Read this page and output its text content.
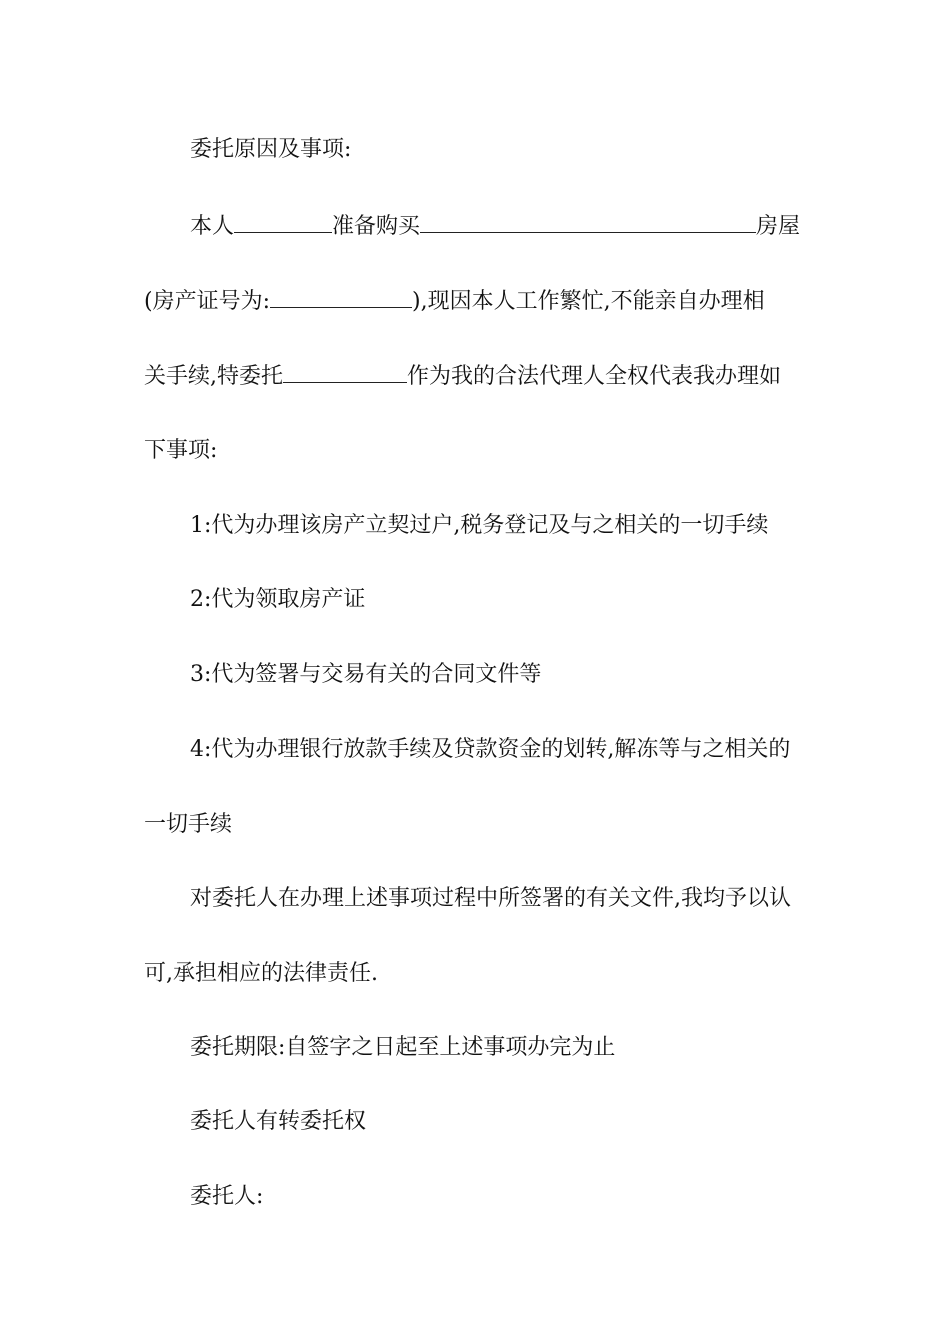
委托原因及事项:
本人	准备购买	房屋
(房产证号为:	),现因本人工作繁忙,不能亲自办理相
关手续,特委托	作为我的合法代理人全权代表我办理如
下事项:
1:代为办理该房产立契过户,税务登记及与之相关的一切手续
2:代为领取房产证
3:代为签署与交易有关的合同文件等
4:代为办理银行放款手续及贷款资金的划转,解冻等与之相关的
一切手续
对委托人在办理上述事项过程中所签署的有关文件,我均予以认
可,承担相应的法律责任.
委托期限:自签字之日起至上述事项办完为止
委托人有转委托权
委托人:
